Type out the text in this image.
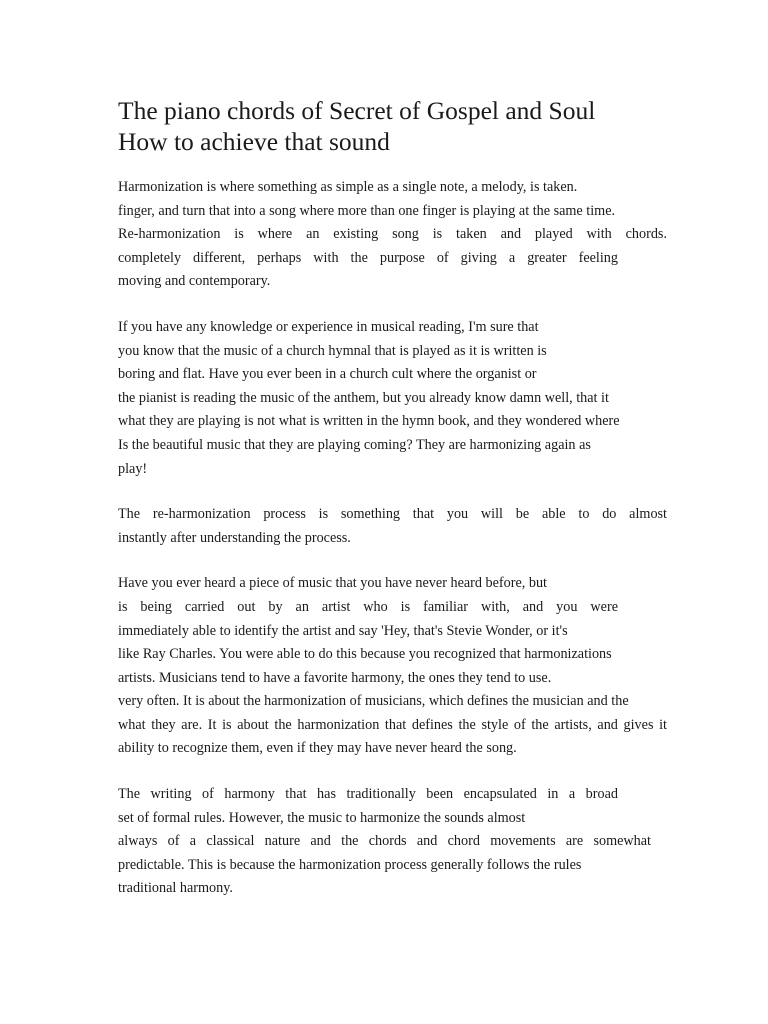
The piano chords of Secret of Gospel and Soul
How to achieve that sound

Harmonization is where something as simple as a single note, a melody, is taken.
finger, and turn that into a song where more than one finger is playing at the same time.
Re-harmonization is where an existing song is taken and played with chords.
completely different, perhaps with the purpose of giving a greater feeling
moving and contemporary.

If you have any knowledge or experience in musical reading, I'm sure that
you know that the music of a church hymnal that is played as it is written is
boring and flat. Have you ever been in a church cult where the organist or
the pianist is reading the music of the anthem, but you already know damn well, that it
what they are playing is not what is written in the hymn book, and they wondered where
Is the beautiful music that they are playing coming? They are harmonizing again as
play!

The re-harmonization process is something that you will be able to do almost
instantly after understanding the process.

Have you ever heard a piece of music that you have never heard before, but
is being carried out by an artist who is familiar with, and you were
immediately able to identify the artist and say 'Hey, that's Stevie Wonder, or it's
like Ray Charles. You were able to do this because you recognized that harmonizations
artists. Musicians tend to have a favorite harmony, the ones they tend to use.
very often. It is about the harmonization of musicians, which defines the musician and the
what they are. It is about the harmonization that defines the style of the artists, and gives it
ability to recognize them, even if they may have never heard the song.

The writing of harmony that has traditionally been encapsulated in a broad
set of formal rules. However, the music to harmonize the sounds almost
always of a classical nature and the chords and chord movements are somewhat
predictable. This is because the harmonization process generally follows the rules
traditional harmony.
